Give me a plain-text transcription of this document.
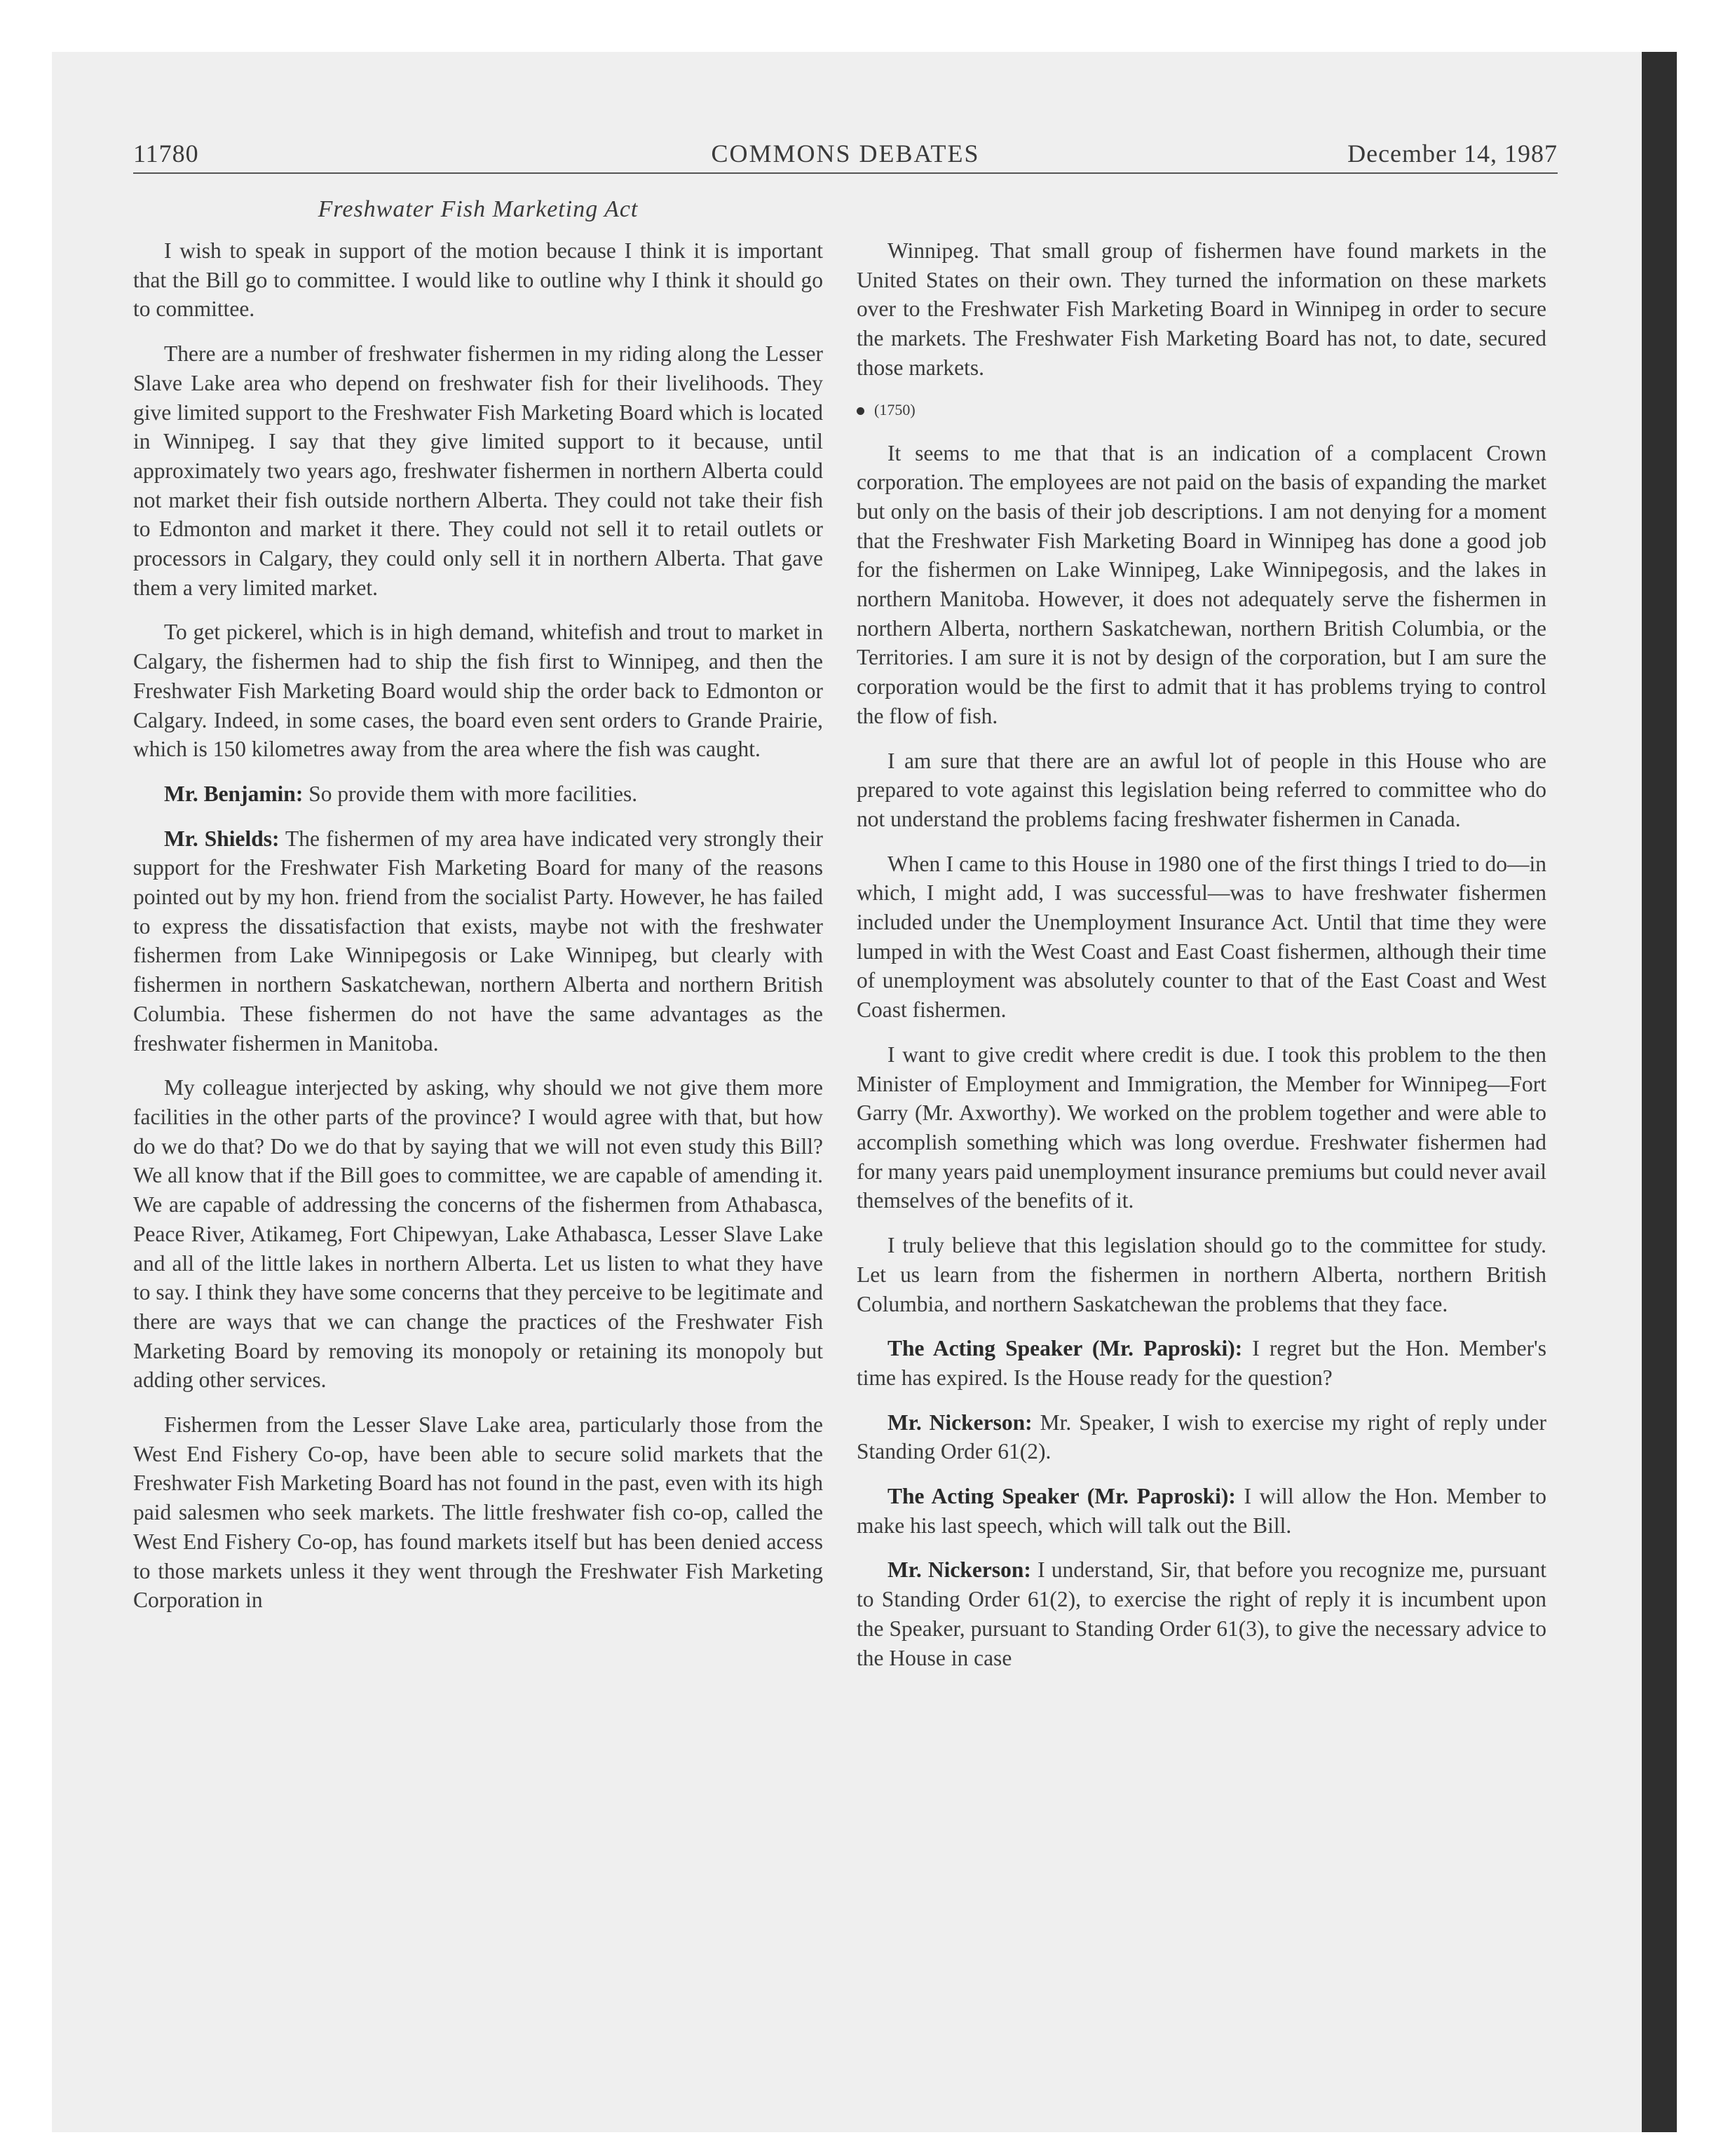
11780	COMMONS DEBATES	December 14, 1987
Freshwater Fish Marketing Act

I wish to speak in support of the motion because I think it is important that the Bill go to committee. I would like to outline why I think it should go to committee.

There are a number of freshwater fishermen in my riding along the Lesser Slave Lake area who depend on freshwater fish for their livelihoods. They give limited support to the Freshwater Fish Marketing Board which is located in Winnipeg. I say that they give limited support to it because, until approximately two years ago, freshwater fishermen in northern Alberta could not market their fish outside northern Alberta. They could not take their fish to Edmonton and market it there. They could not sell it to retail outlets or processors in Calgary, they could only sell it in northern Alberta. That gave them a very limited market.

To get pickerel, which is in high demand, whitefish and trout to market in Calgary, the fishermen had to ship the fish first to Winnipeg, and then the Freshwater Fish Marketing Board would ship the order back to Edmonton or Calgary. Indeed, in some cases, the board even sent orders to Grande Prairie, which is 150 kilometres away from the area where the fish was caught.

Mr. Benjamin: So provide them with more facilities.

Mr. Shields: The fishermen of my area have indicated very strongly their support for the Freshwater Fish Marketing Board for many of the reasons pointed out by my hon. friend from the socialist Party. However, he has failed to express the dissatisfaction that exists, maybe not with the freshwater fishermen from Lake Winnipegosis or Lake Winnipeg, but clearly with fishermen in northern Saskatchewan, northern Alberta and northern British Columbia. These fishermen do not have the same advantages as the freshwater fishermen in Manitoba.

My colleague interjected by asking, why should we not give them more facilities in the other parts of the province? I would agree with that, but how do we do that? Do we do that by saying that we will not even study this Bill? We all know that if the Bill goes to committee, we are capable of amending it. We are capable of addressing the concerns of the fishermen from Athabasca, Peace River, Atikameg, Fort Chipewyan, Lake Athabasca, Lesser Slave Lake and all of the little lakes in northern Alberta. Let us listen to what they have to say. I think they have some concerns that they perceive to be legitimate and there are ways that we can change the practices of the Freshwater Fish Marketing Board by removing its monopoly or retaining its monopoly but adding other services.

Fishermen from the Lesser Slave Lake area, particularly those from the West End Fishery Co-op, have been able to secure solid markets that the Freshwater Fish Marketing Board has not found in the past, even with its high paid salesmen who seek markets. The little freshwater fish co-op, called the West End Fishery Co-op, has found markets itself but has been denied access to those markets unless it they went through the Freshwater Fish Marketing Corporation in

Winnipeg. That small group of fishermen have found markets in the United States on their own. They turned the information on these markets over to the Freshwater Fish Marketing Board in Winnipeg in order to secure the markets. The Freshwater Fish Marketing Board has not, to date, secured those markets.

(1750)

It seems to me that that is an indication of a complacent Crown corporation. The employees are not paid on the basis of expanding the market but only on the basis of their job descriptions. I am not denying for a moment that the Freshwater Fish Marketing Board in Winnipeg has done a good job for the fishermen on Lake Winnipeg, Lake Winnipegosis, and the lakes in northern Manitoba. However, it does not adequately serve the fishermen in northern Alberta, northern Saskatchewan, northern British Columbia, or the Territories. I am sure it is not by design of the corporation, but I am sure the corporation would be the first to admit that it has problems trying to control the flow of fish.

I am sure that there are an awful lot of people in this House who are prepared to vote against this legislation being referred to committee who do not understand the problems facing freshwater fishermen in Canada.

When I came to this House in 1980 one of the first things I tried to do—in which, I might add, I was successful—was to have freshwater fishermen included under the Unemployment Insurance Act. Until that time they were lumped in with the West Coast and East Coast fishermen, although their time of unemployment was absolutely counter to that of the East Coast and West Coast fishermen.

I want to give credit where credit is due. I took this problem to the then Minister of Employment and Immigration, the Member for Winnipeg—Fort Garry (Mr. Axworthy). We worked on the problem together and were able to accomplish something which was long overdue. Freshwater fishermen had for many years paid unemployment insurance premiums but could never avail themselves of the benefits of it.

I truly believe that this legislation should go to the committee for study. Let us learn from the fishermen in northern Alberta, northern British Columbia, and northern Saskatchewan the problems that they face.

The Acting Speaker (Mr. Paproski): I regret but the Hon. Member's time has expired. Is the House ready for the question?

Mr. Nickerson: Mr. Speaker, I wish to exercise my right of reply under Standing Order 61(2).

The Acting Speaker (Mr. Paproski): I will allow the Hon. Member to make his last speech, which will talk out the Bill.

Mr. Nickerson: I understand, Sir, that before you recognize me, pursuant to Standing Order 61(2), to exercise the right of reply it is incumbent upon the Speaker, pursuant to Standing Order 61(3), to give the necessary advice to the House in case
